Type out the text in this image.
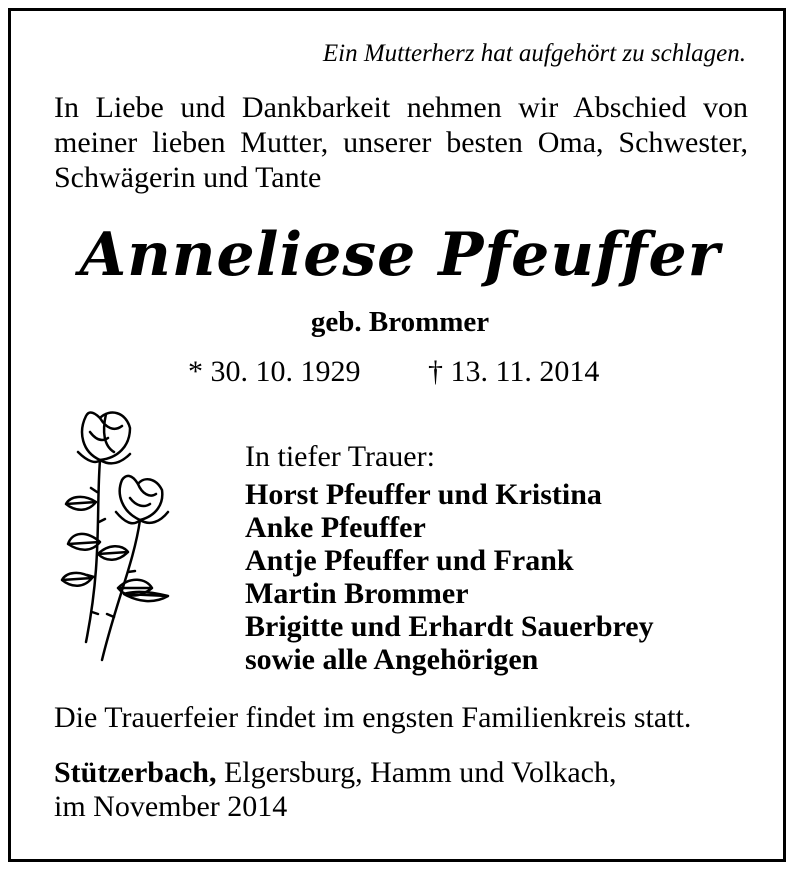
Ein Mutterherz hat aufgehört zu schlagen.
In Liebe und Dankbarkeit nehmen wir Abschied von
meiner lieben Mutter, unserer besten Oma, Schwester,
Schwägerin und Tante
Anneliese Pfeuffer
geb. Brommer
* 30. 10. 1929 † 13. 11. 2014
In tiefer Trauer:
Horst Pfeuffer und Kristina
Anke Pfeuffer
Antje Pfeuffer und Frank
Martin Brommer
Brigitte und Erhardt Sauerbrey
sowie alle Angehörigen
Die Trauerfeier findet im engsten Familienkreis statt.
Stützerbach, Elgersburg, Hamm und Volkach,
im November 2014
